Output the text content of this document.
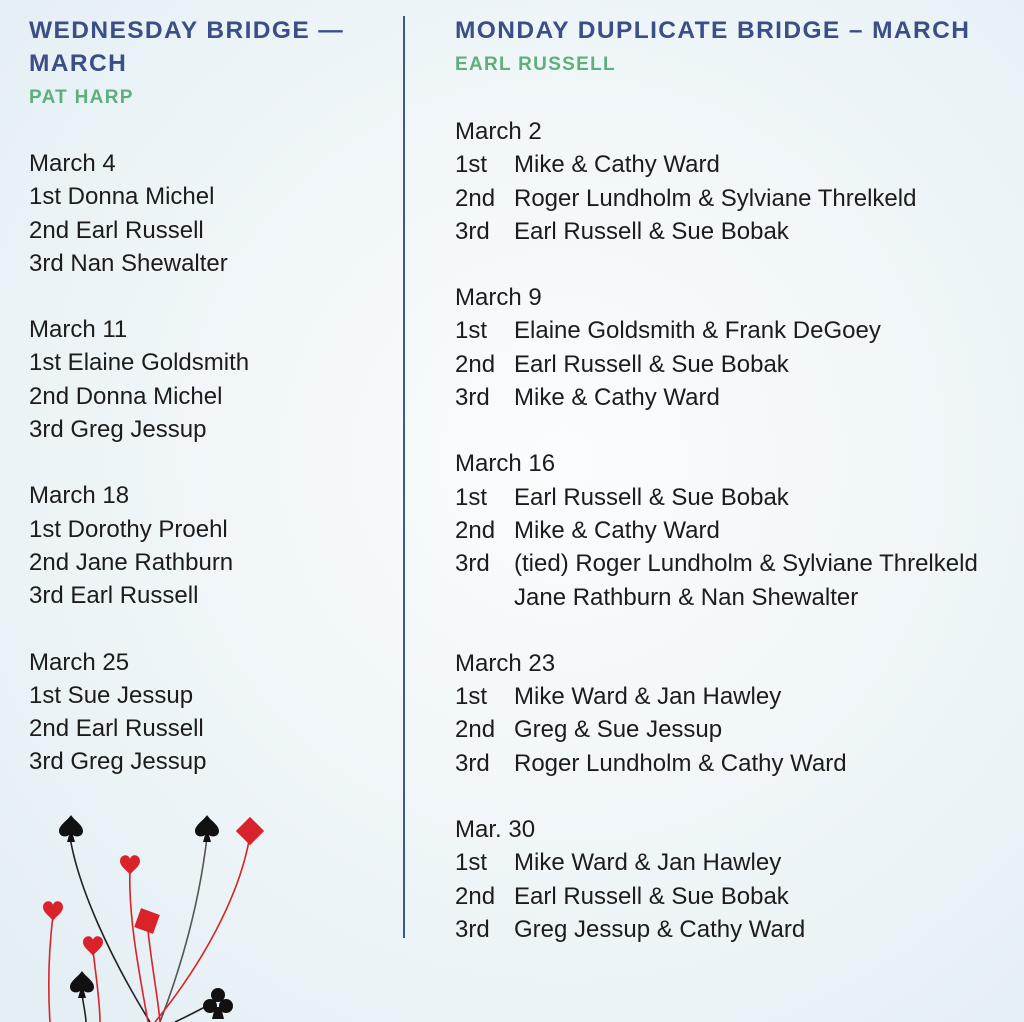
WEDNESDAY BRIDGE — MARCH
PAT HARP
March 4
1st Donna Michel
2nd Earl Russell
3rd Nan Shewalter
March 11
1st Elaine Goldsmith
2nd Donna Michel
3rd Greg Jessup
March 18
1st Dorothy Proehl
2nd Jane Rathburn
3rd Earl Russell
March 25
1st Sue Jessup
2nd Earl Russell
3rd Greg Jessup
MONDAY DUPLICATE BRIDGE – MARCH
EARL RUSSELL
March 2
1st	Mike & Cathy Ward
2nd Roger Lundholm & Sylviane Threlkeld
3rd	Earl Russell & Sue Bobak
March 9
1st	Elaine Goldsmith & Frank DeGoey
2nd Earl Russell & Sue Bobak
3rd	Mike & Cathy Ward
March 16
1st	Earl Russell & Sue Bobak
2nd Mike & Cathy Ward
3rd	(tied) Roger Lundholm & Sylviane Threlkeld
Jane Rathburn & Nan Shewalter
March 23
1st	Mike Ward & Jan Hawley
2nd Greg & Sue Jessup
3rd	Roger Lundholm & Cathy Ward
Mar. 30
1st	Mike Ward & Jan Hawley
2nd Earl Russell & Sue Bobak
3rd	Greg Jessup & Cathy Ward
